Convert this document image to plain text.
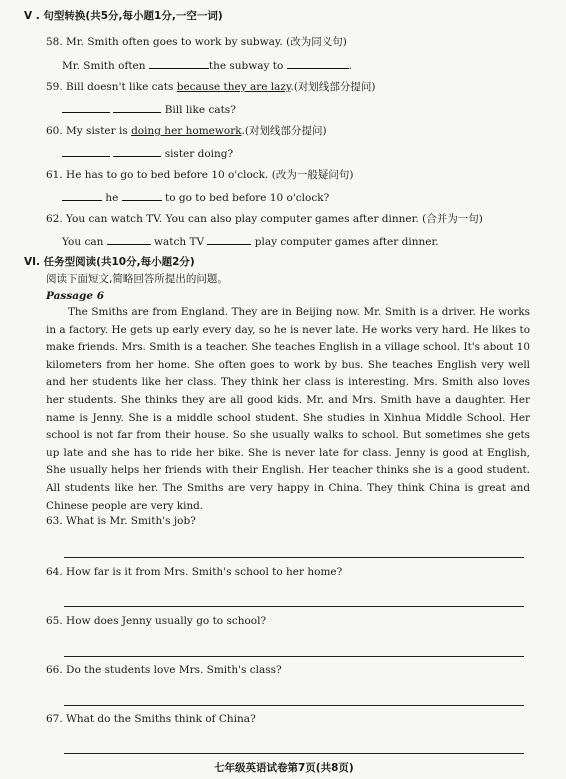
V . 句型转换(共5分,每小题1分,一空一词)
58. Mr. Smith often goes to work by subway. (改为同义句)
Mr. Smith often	the subway to	.
59. Bill doesn't like cats because they are lazy.(对划线部分提问)
Bill like cats?
60. My sister is doing her homework.(对划线部分提问)
sister doing?
61. He has to go to bed before 10 o'clock. (改为一般疑问句)
he	to go to bed before 10 o'clock?
62. You can watch TV. You can also play computer games after dinner. (合并为一句)
You can	watch TV	play computer games after dinner.
VI. 任务型阅读(共10分,每小题2分)
阅读下面短文,简略回答所提出的问题。
Passage 6
The Smiths are from England. They are in Beijing now. Mr. Smith is a driver. He works in a factory. He gets up early every day, so he is never late. He works very hard. He likes to make friends. Mrs. Smith is a teacher. She teaches English in a village school. It's about 10 kilometers from her home. She often goes to work by bus. She teaches English very well and her students like her class. They think her class is interesting. Mrs. Smith also loves her students. She thinks they are all good kids. Mr. and Mrs. Smith have a daughter. Her name is Jenny. She is a middle school student. She studies in Xinhua Middle School. Her school is not far from their house. So she usually walks to school. But sometimes she gets up late and she has to ride her bike. She is never late for class. Jenny is good at English, She usually helps her friends with their English. Her teacher thinks she is a good student. All students like her. The Smiths are very happy in China. They think China is great and Chinese people are very kind.
63. What is Mr. Smith's job?
64. How far is it from Mrs. Smith's school to her home?
65. How does Jenny usually go to school?
66. Do the students love Mrs. Smith's class?
67. What do the Smiths think of China?
七年级英语试卷第7页(共8页)
